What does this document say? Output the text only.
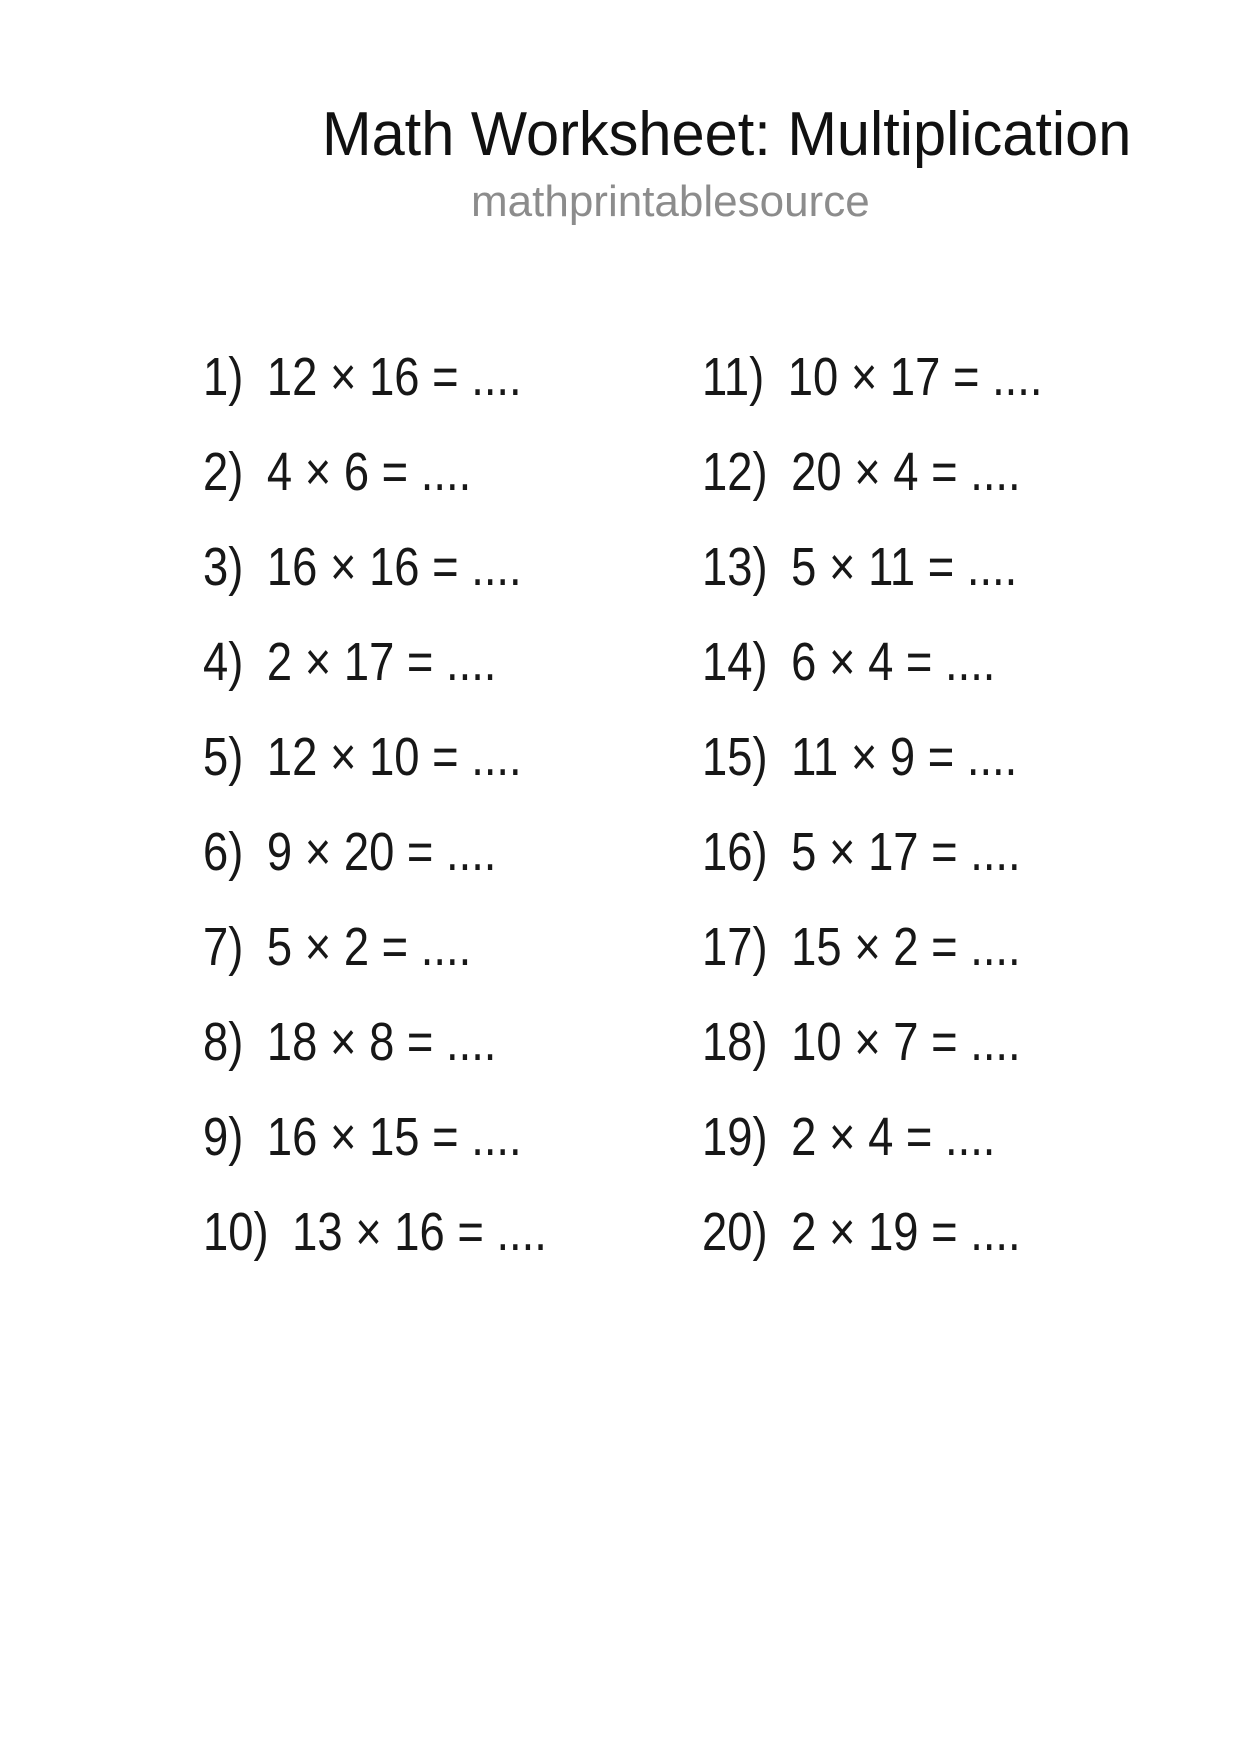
Math Worksheet: Multiplication
mathprintablesource
1) 12 × 16 = ....
2) 4 × 6 = ....
3) 16 × 16 = ....
4) 2 × 17 = ....
5) 12 × 10 = ....
6) 9 × 20 = ....
7) 5 × 2 = ....
8) 18 × 8 = ....
9) 16 × 15 = ....
10) 13 × 16 = ....
11) 10 × 17 = ....
12) 20 × 4 = ....
13) 5 × 11 = ....
14) 6 × 4 = ....
15) 11 × 9 = ....
16) 5 × 17 = ....
17) 15 × 2 = ....
18) 10 × 7 = ....
19) 2 × 4 = ....
20) 2 × 19 = ....
